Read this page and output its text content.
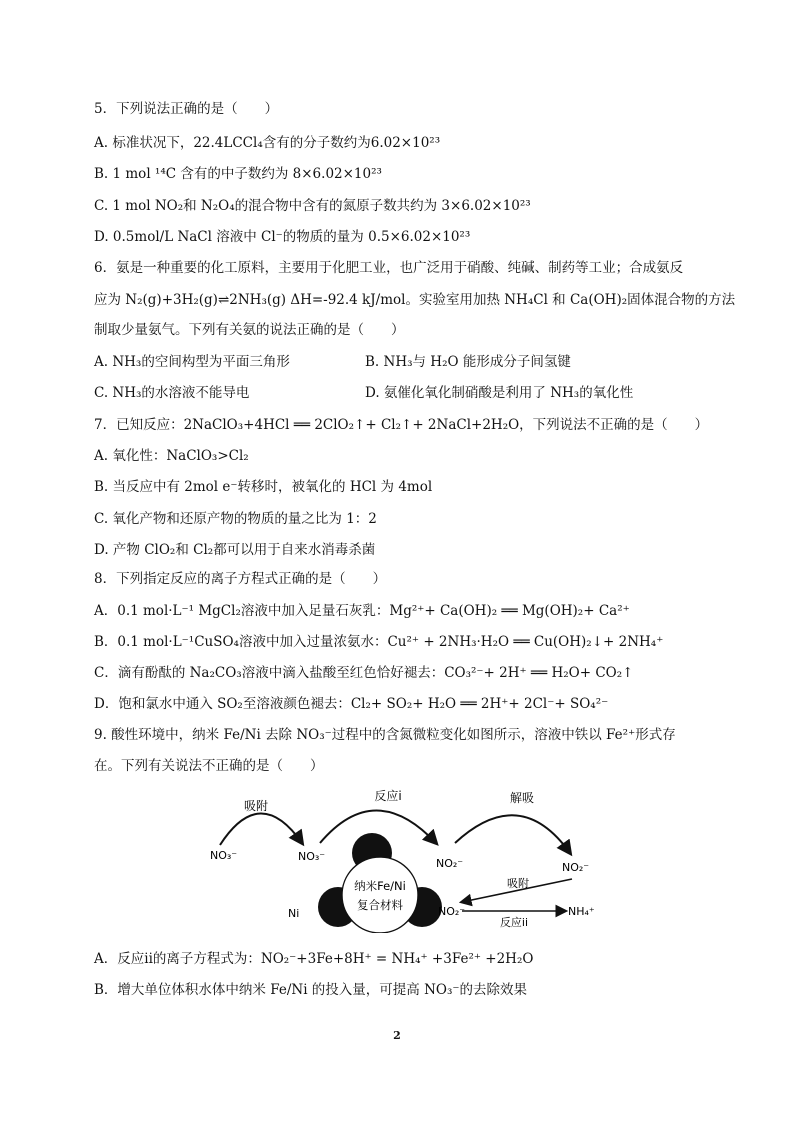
5．下列说法正确的是（　　）
A. 标准状况下，22.4LCCl₄含有的分子数约为6.02×10²³
B. 1 mol ¹⁴C 含有的中子数约为 8×6.02×10²³
C. 1 mol NO₂和 N₂O₄的混合物中含有的氮原子数共约为 3×6.02×10²³
D. 0.5mol/L NaCl 溶液中 Cl⁻的物质的量为 0.5×6.02×10²³
6．氨是一种重要的化工原料，主要用于化肥工业，也广泛用于硝酸、纯碱、制药等工业；合成氨反
应为 N₂(g)+3H₂(g)⇌2NH₃(g) ΔH=-92.4 kJ/mol。实验室用加热 NH₄Cl 和 Ca(OH)₂固体混合物的方法
制取少量氨气。下列有关氨的说法正确的是（　　）
A. NH₃的空间构型为平面三角形	B. NH₃与 H₂O 能形成分子间氢键
C. NH₃的水溶液不能导电	D. 氨催化氧化制硝酸是利用了 NH₃的氧化性
7．已知反应：2NaClO₃+4HCl ══ 2ClO₂↑+ Cl₂↑+ 2NaCl+2H₂O，下列说法不正确的是（　　）
A. 氧化性：NaClO₃>Cl₂
B. 当反应中有 2mol e⁻转移时，被氧化的 HCl 为 4mol
C. 氧化产物和还原产物的物质的量之比为 1：2
D. 产物 ClO₂和 Cl₂都可以用于自来水消毒杀菌
8．下列指定反应的离子方程式正确的是（　　）
A．0.1 mol·L⁻¹ MgCl₂溶液中加入足量石灰乳：Mg²⁺+ Ca(OH)₂ ══ Mg(OH)₂+ Ca²⁺
B．0.1 mol·L⁻¹CuSO₄溶液中加入过量浓氨水：Cu²⁺ + 2NH₃·H₂O ══ Cu(OH)₂↓+ 2NH₄⁺
C．滴有酚酞的 Na₂CO₃溶液中滴入盐酸至红色恰好褪去：CO₃²⁻+ 2H⁺ ══ H₂O+ CO₂↑
D．饱和氯水中通入 SO₂至溶液颜色褪去：Cl₂+ SO₂+ H₂O ══ 2H⁺+ 2Cl⁻+ SO₄²⁻
9. 酸性环境中，纳米 Fe/Ni 去除 NO₃⁻过程中的含氮微粒变化如图所示，溶液中铁以 Fe²⁺形式存
在。下列有关说法不正确的是（　　）
纳米Fe/Ni
复合材料
吸附
反应i	解吸
吸附
反应ii
NO₃⁻	NO₃⁻
NO₂⁻	NO₂⁻
NO₂⁻	NH₄⁺
Ni
A．反应ii的离子方程式为：NO₂⁻+3Fe+8H⁺ = NH₄⁺ +3Fe²⁺ +2H₂O
B．增大单位体积水体中纳米 Fe/Ni 的投入量，可提高 NO₃⁻的去除效果
2
